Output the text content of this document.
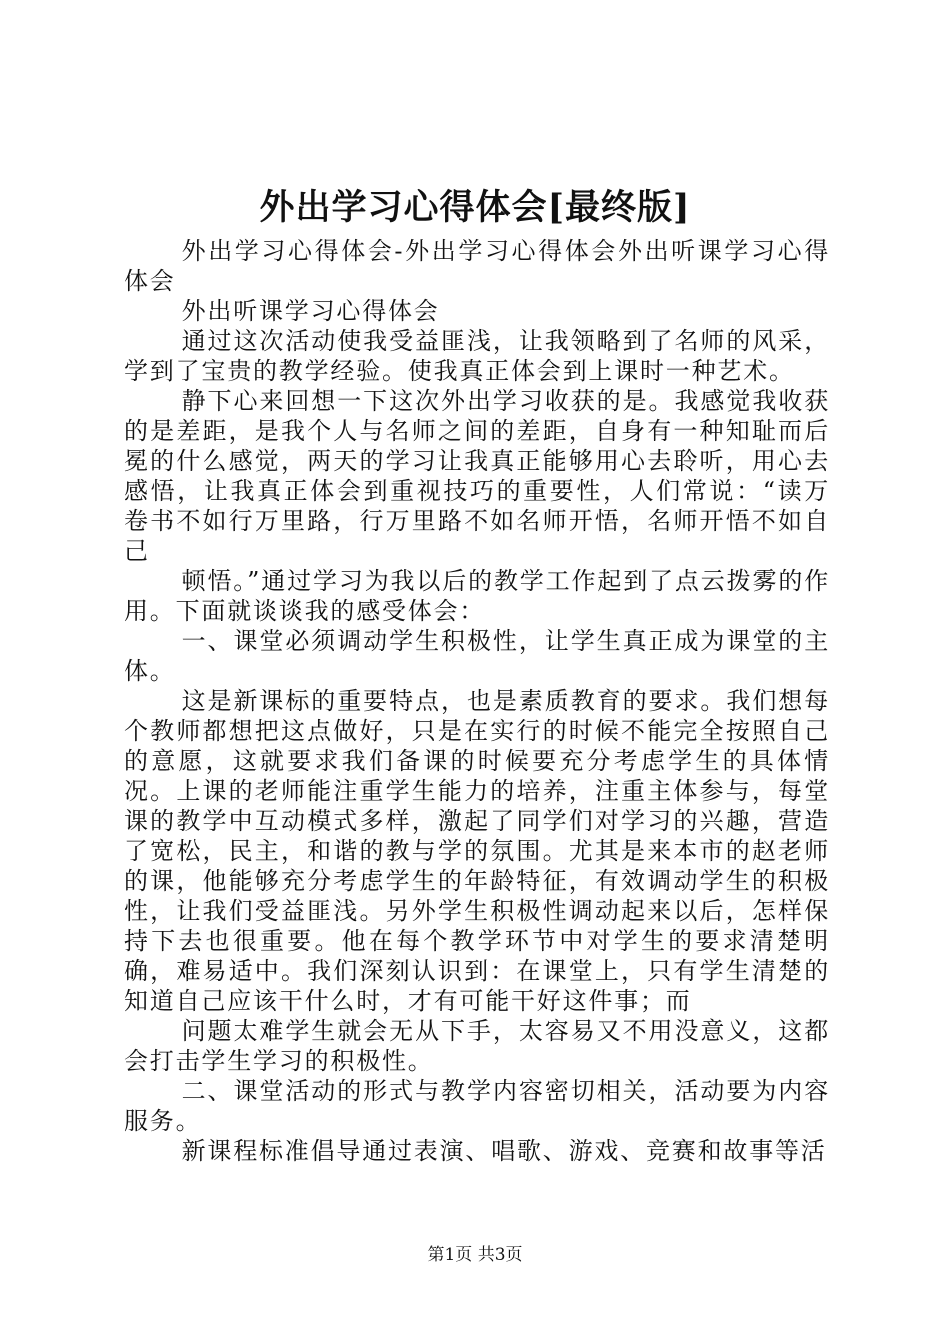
外出学习心得体会[最终版]

外出学习心得体会-外出学习心得体会外出听课学习心得体会

外出听课学习心得体会

通过这次活动使我受益匪浅，让我领略到了名师的风采，学到了宝贵的教学经验。使我真正体会到上课时一种艺术。

静下心来回想一下这次外出学习收获的是。我感觉我收获的是差距，是我个人与名师之间的差距，自身有一种知耻而后冕的什么感觉，两天的学习让我真正能够用心去聆听，用心去感悟，让我真正体会到重视技巧的重要性，人们常说：“读万卷书不如行万里路，行万里路不如名师开悟，名师开悟不如自己

顿悟。”通过学习为我以后的教学工作起到了点云拨雾的作用。下面就谈谈我的感受体会：

一、课堂必须调动学生积极性，让学生真正成为课堂的主体。

这是新课标的重要特点，也是素质教育的要求。我们想每个教师都想把这点做好，只是在实行的时候不能完全按照自己的意愿，这就要求我们备课的时候要充分考虑学生的具体情况。上课的老师能注重学生能力的培养，注重主体参与，每堂课的教学中互动模式多样，激起了同学们对学习的兴趣，营造了宽松，民主，和谐的教与学的氛围。尤其是来本市的赵老师的课，他能够充分考虑学生的年龄特征，有效调动学生的积极性，让我们受益匪浅。另外学生积极性调动起来以后，怎样保持下去也很重要。他在每个教学环节中对学生的要求清楚明确，难易适中。我们深刻认识到：在课堂上，只有学生清楚的知道自己应该干什么时，才有可能干好这件事；而

问题太难学生就会无从下手，太容易又不用没意义，这都会打击学生学习的积极性。

二、课堂活动的形式与教学内容密切相关，活动要为内容服务。

新课程标准倡导通过表演、唱歌、游戏、竞赛和故事等活

第1页 共3页
